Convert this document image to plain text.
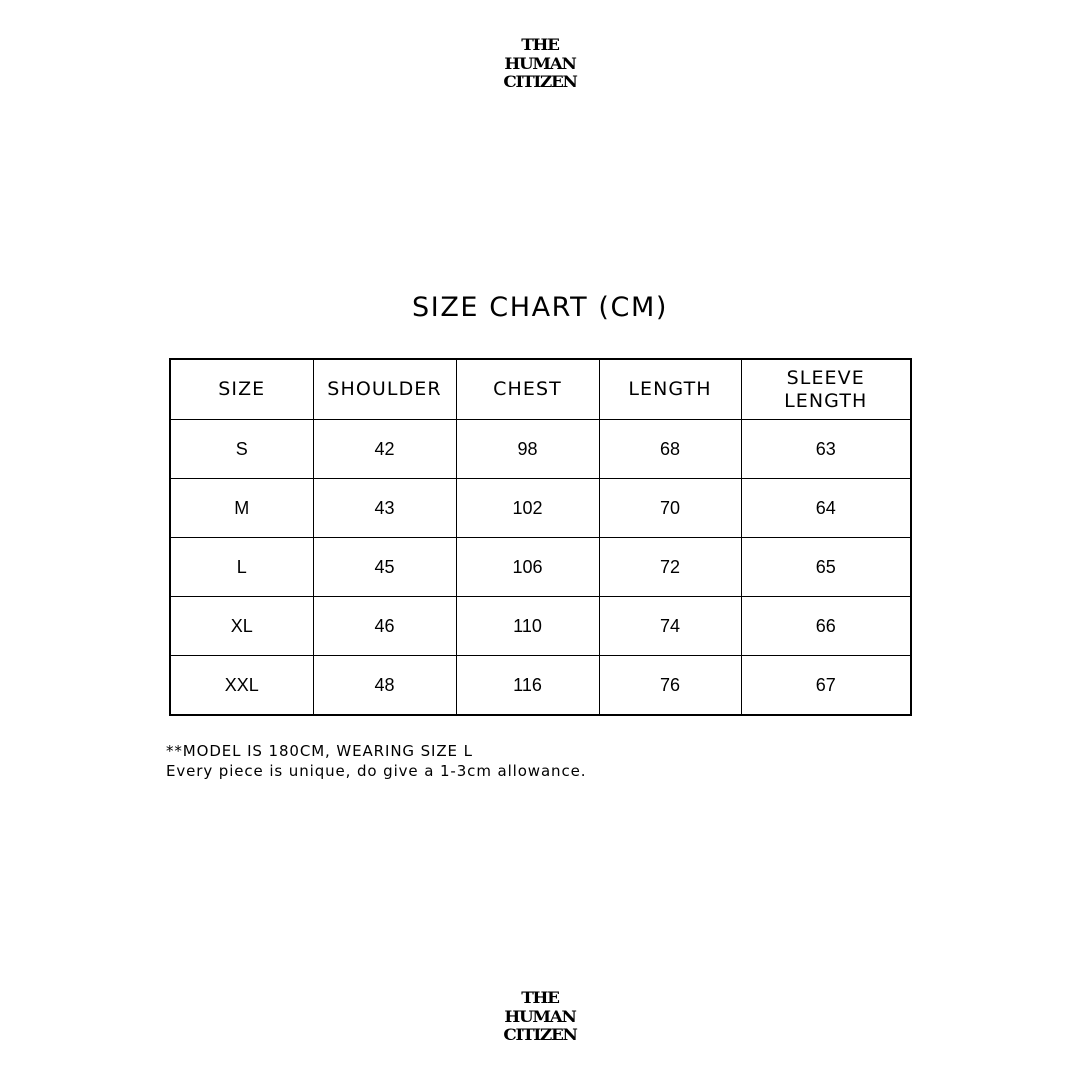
THE
HUMAN
CITIZEN
SIZE CHART (CM)
SIZE	SHOULDER	CHEST	LENGTH	SLEEVE LENGTH
S	42	98	68	63
M	43	102	70	64
L	45	106	72	65
XL	46	110	74	66
XXL	48	116	76	67
**MODEL IS 180CM, WEARING SIZE L
Every piece is unique, do give a 1-3cm allowance.
THE
HUMAN
CITIZEN
